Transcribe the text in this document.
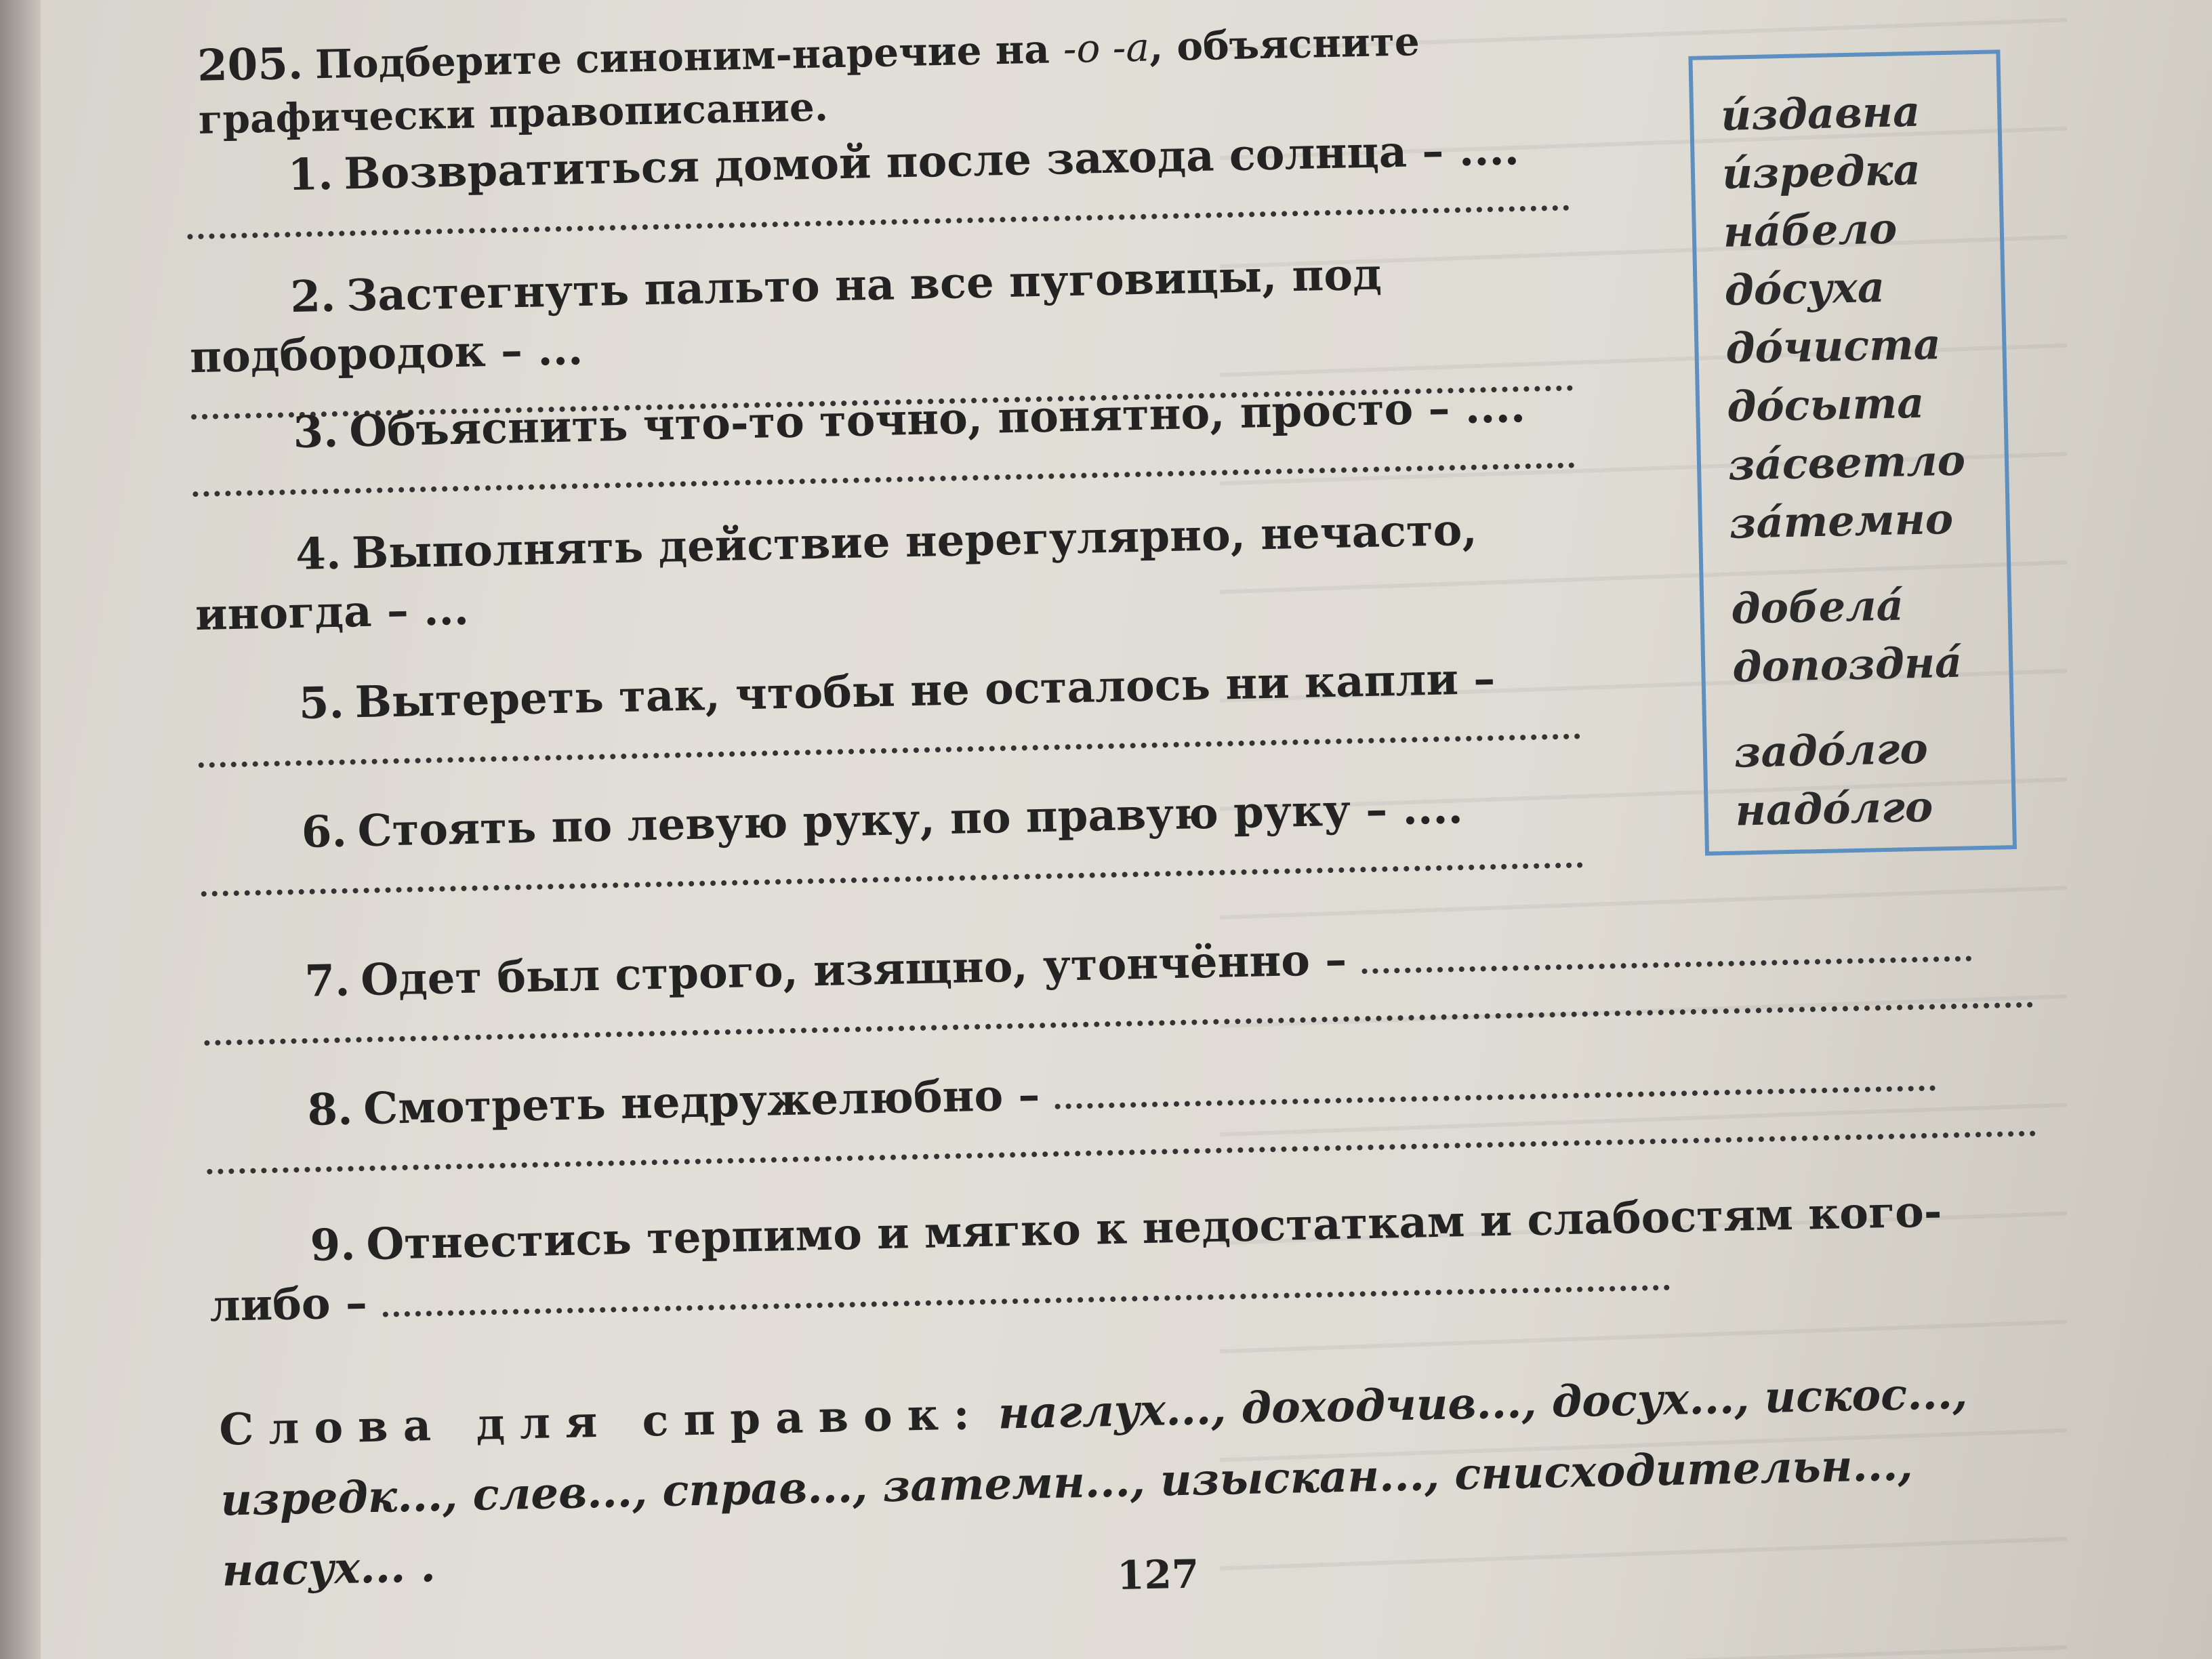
205. Подберите синоним-наречие на -о -а, объясните графически правописание.
1. Возвратиться домой после захода солнца – ....
2. Застегнуть пальто на все пуговицы, под подбородок – ...
3. Объяснить что-то точно, понятно, просто – ....
4. Выполнять действие нерегулярно, нечасто, иногда – ...
5. Вытереть так, чтобы не осталось ни капли –
6. Стоять по левую руку, по правую руку – ....
7. Одет был строго, изящно, утончённо –
8. Смотреть недружелюбно –
9. Отнестись терпимо и мягко к недостаткам и слабостям кого-либо –
и́здавна
и́зредка
на́бело
до́суха
до́чиста
до́сыта
за́светло
за́темно
добела́
допоздна́
задо́лго
надо́лго
Слова для справок: наглух..., доходчив..., досух..., искос..., изредк..., слев..., справ..., затемн..., изыскан..., снисходительн..., насух... .	127
